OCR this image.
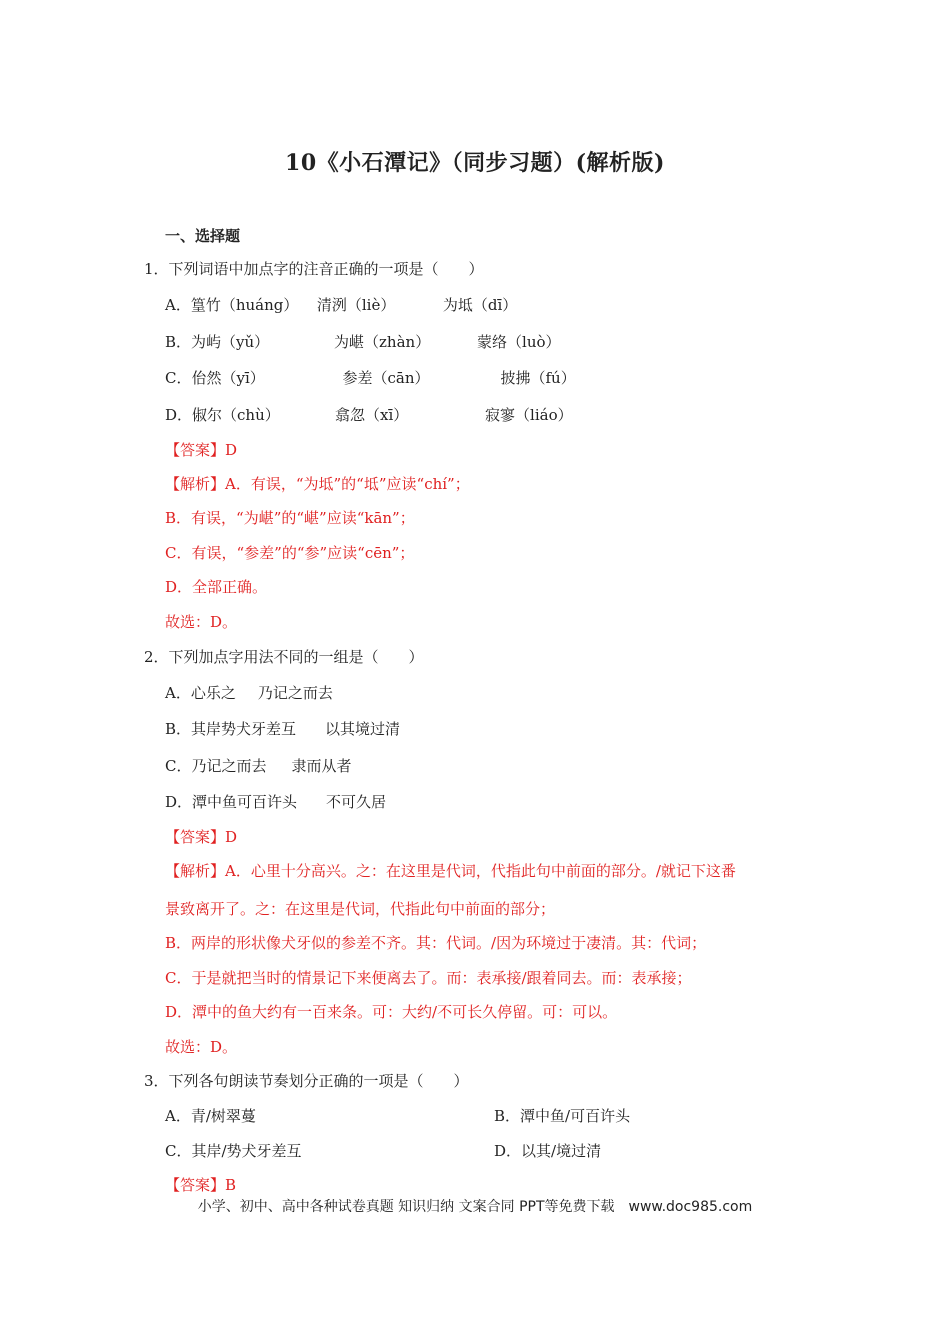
10《小石潭记》（同步习题）(解析版)
一、选择题
1．下列词语中加点字的注音正确的一项是（　　）
A．篁竹（huáng） 清洌（liè）	为坻（dī）
B．为屿（yǔ）	为嵁（zhàn）	蒙络（luò）
C．佁然（yī）	参差（cān）	披拂（fú）
D．俶尔（chù）	翕忽（xī）	寂寥（liáo）
【答案】D
【解析】A．有误，“为坻”的“坻”应读“chí”；
B．有误，“为嵁”的“嵁”应读“kān”；
C．有误，“参差”的“参”应读“cēn”；
D．全部正确。
故选：D。
2．下列加点字用法不同的一组是（　　）
A．心乐之 乃记之而去
B．其岸势犬牙差互 以其境过清
C．乃记之而去 隶而从者
D．潭中鱼可百许头 不可久居
【答案】D
【解析】A．心里十分高兴。之：在这里是代词，代指此句中前面的部分。/就记下这番
景致离开了。之：在这里是代词，代指此句中前面的部分；
B．两岸的形状像犬牙似的参差不齐。其：代词。/因为环境过于凄清。其：代词；
C．于是就把当时的情景记下来便离去了。而：表承接/跟着同去。而：表承接；
D．潭中的鱼大约有一百来条。可：大约/不可长久停留。可：可以。
故选：D。
3．下列各句朗读节奏划分正确的一项是（　　）
A．青/树翠蔓	B．潭中鱼/可百许头
C．其岸/势犬牙差互	D．以其/境过清
【答案】B
小学、初中、高中各种试卷真题 知识归纳 文案合同 PPT等免费下载　www.doc985.com
